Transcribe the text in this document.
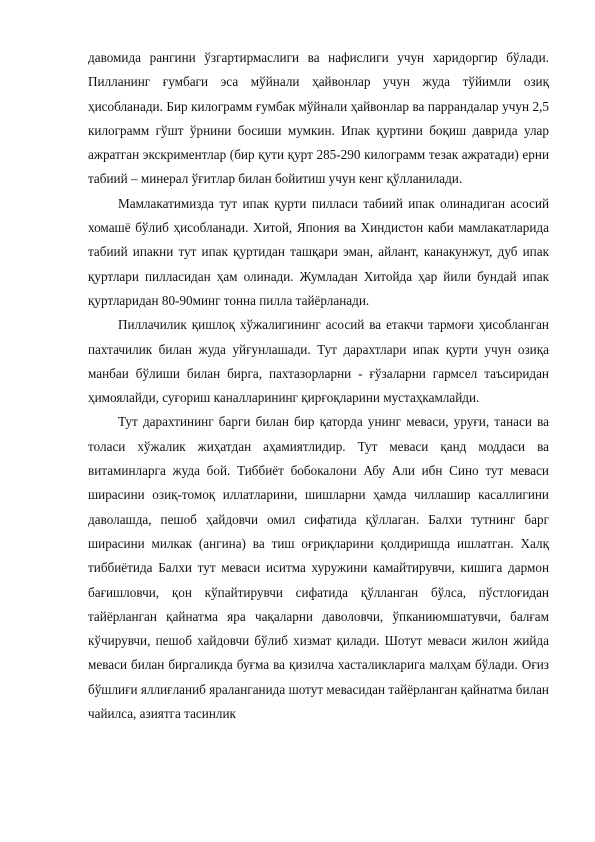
давомида рангини ўзгартирмаслиги ва нафислиги учун харидоргир бўлади. Пилланинг ғумбаги эса мўйнали ҳайвонлар учун жуда тўйимли озиқ ҳисобланади. Бир килограмм ғумбак мўйнали ҳайвонлар ва паррандалар учун 2,5 килограмм гўшт ўрнини босиши мумкин. Ипак қуртини боқиш даврида улар ажратган экскриментлар (бир қути қурт 285-290 килограмм тезак ажратади) ерни табиий – минерал ўғитлар билан бойитиш учун кенг қўлланилади.

Мамлакатимизда тут ипак қурти пилласи табиий ипак олинадиган асосий хомашё бўлиб ҳисобланади. Хитой, Япония ва Хиндистон каби мамлакатларида табиий ипакни тут ипак қуртидан ташқари эман, айлант, канакунжут, дуб ипак қуртлари пилласидан ҳам олинади. Жумладан Хитойда ҳар йили бундай ипак қуртларидан 80-90минг тонна пилла тайёрланади.

Пиллачилик қишлоқ хўжалигининг асосий ва етакчи тармоғи ҳисобланган пахтачилик билан жуда уйғунлашади. Тут дарахтлари ипак қурти учун озиқа манбаи бўлиши билан бирга, пахтазорларни - ғўзаларни гармсел таъсиридан ҳимоялайди, суғориш каналларининг қирғоқларини мустаҳкамлайди.

Тут дарахтининг барги билан бир қаторда унинг меваси, уруғи, танаси ва толаси хўжалик жиҳатдан аҳамиятлидир. Тут меваси қанд моддаси ва витаминларга жуда бой. Тиббиёт бобокалони Абу Али ибн Сино тут меваси ширасини озиқ-томоқ иллатларини, шишларни ҳамда чиллашир касаллигини даволашда, пешоб ҳайдовчи омил сифатида қўллаган. Балхи тутнинг барг ширасини милкак (ангина) ва тиш оғриқларини қолдиришда ишлатган. Халқ тиббиётида Балхи тут меваси иситма хуружини камайтирувчи, кишига дармон бағишловчи, қон кўпайтирувчи сифатида қўлланган бўлса, пўстлоғидан тайёрланган қайнатма яра чақаларни даволовчи, ўпканиюмшатувчи, балғам кўчирувчи, пешоб хайдовчи бўлиб хизмат қилади. Шотут меваси жилон жийда меваси билан биргаликда буғма ва қизилча хасталикларига малҳам бўлади. Оғиз бўшлиғи яллиғланиб яраланганида шотут мевасидан тайёрланган қайнатма билан чайилса, азиятга тасинлик
